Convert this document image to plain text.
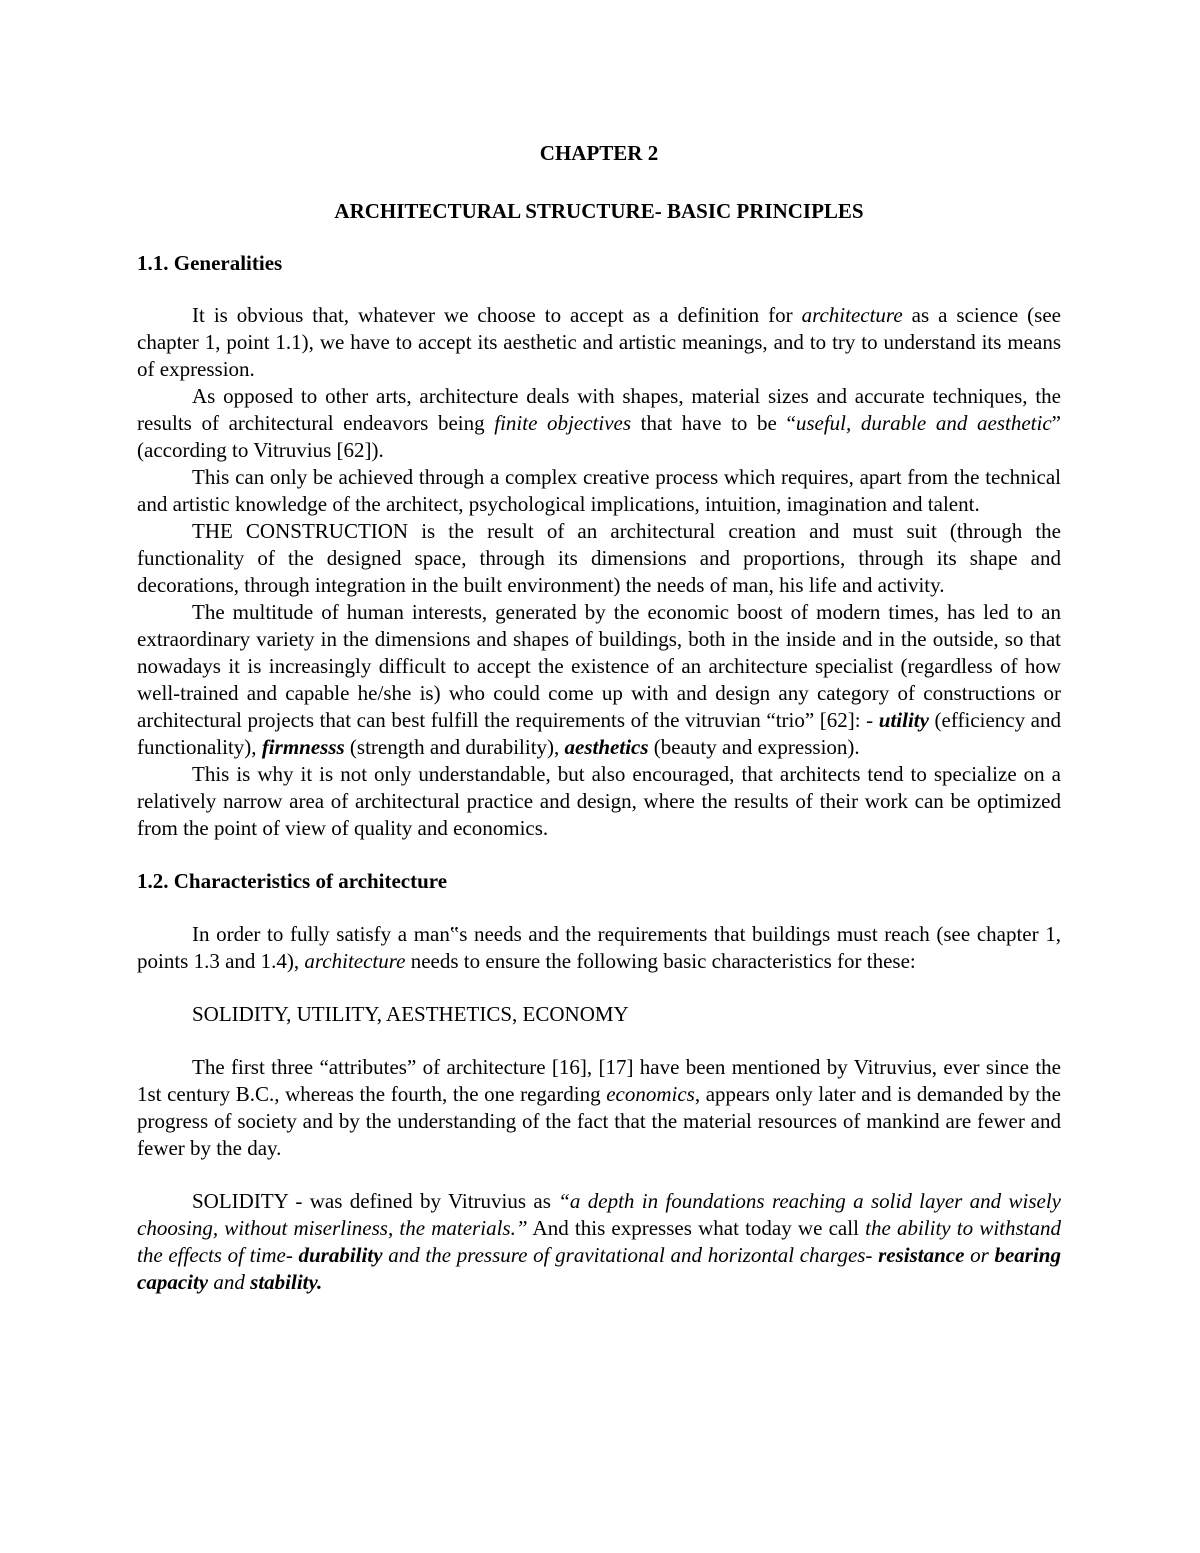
CHAPTER 2

ARCHITECTURAL STRUCTURE- BASIC PRINCIPLES

1.1. Generalities

It is obvious that, whatever we choose to accept as a definition for architecture as a science (see chapter 1, point 1.1), we have to accept its aesthetic and artistic meanings, and to try to understand its means of expression.

As opposed to other arts, architecture deals with shapes, material sizes and accurate techniques, the results of architectural endeavors being finite objectives that have to be “useful, durable and aesthetic” (according to Vitruvius [62]).

This can only be achieved through a complex creative process which requires, apart from the technical and artistic knowledge of the architect, psychological implications, intuition, imagination and talent.

THE CONSTRUCTION is the result of an architectural creation and must suit (through the functionality of the designed space, through its dimensions and proportions, through its shape and decorations, through integration in the built environment) the needs of man, his life and activity.

The multitude of human interests, generated by the economic boost of modern times, has led to an extraordinary variety in the dimensions and shapes of buildings, both in the inside and in the outside, so that nowadays it is increasingly difficult to accept the existence of an architecture specialist (regardless of how well-trained and capable he/she is) who could come up with and design any category of constructions or architectural projects that can best fulfill the requirements of the vitruvian “trio” [62]: - utility (efficiency and functionality), firmnesss (strength and durability), aesthetics (beauty and expression).

This is why it is not only understandable, but also encouraged, that architects tend to specialize on a relatively narrow area of architectural practice and design, where the results of their work can be optimized from the point of view of quality and economics.

1.2. Characteristics of architecture

In order to fully satisfy a man‟s needs and the requirements that buildings must reach (see chapter 1, points 1.3 and 1.4), architecture needs to ensure the following basic characteristics for these:

SOLIDITY, UTILITY, AESTHETICS, ECONOMY

The first three “attributes” of architecture [16], [17] have been mentioned by Vitruvius, ever since the 1st century B.C., whereas the fourth, the one regarding economics, appears only later and is demanded by the progress of society and by the understanding of the fact that the material resources of mankind are fewer and fewer by the day.

SOLIDITY - was defined by Vitruvius as “a depth in foundations reaching a solid layer and wisely choosing, without miserliness, the materials.” And this expresses what today we call the ability to withstand the effects of time- durability and the pressure of gravitational and horizontal charges- resistance or bearing capacity and stability.
